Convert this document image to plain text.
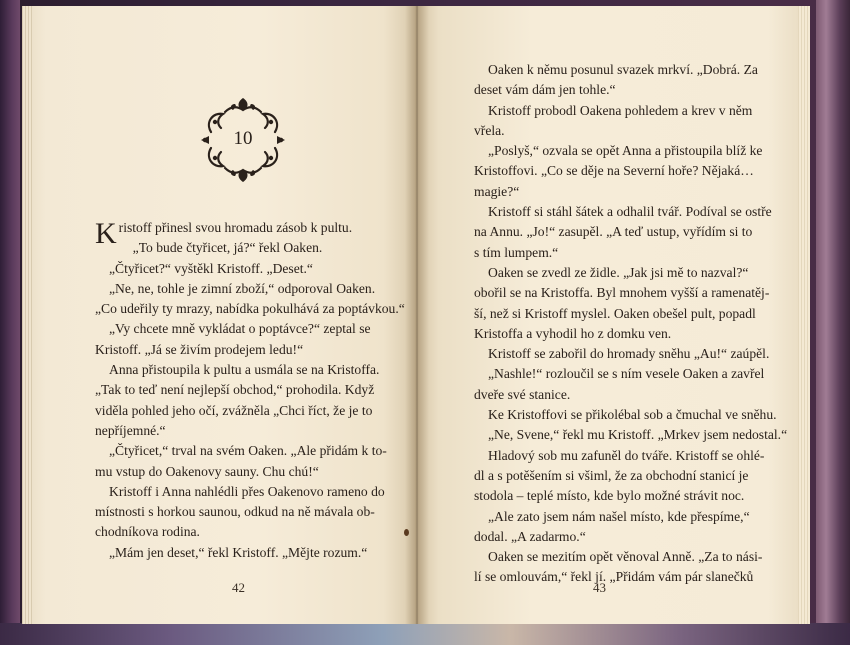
10

Kristoff přinesl svou hromadu zásob k pultu.

„To bude čtyřicet, já?“ řekl Oaken.

„Čtyřicet?“ vyštěkl Kristoff. „Deset.“

„Ne, ne, tohle je zimní zboží,“ odporoval Oaken.

„Co udeřily ty mrazy, nabídka pokulhává za poptávkou.“

„Vy chcete mně vykládat o poptávce?“ zeptal se

Kristoff. „Já se živím prodejem ledu!“

Anna přistoupila k pultu a usmála se na Kristoffa.

„Tak to teď není nejlepší obchod,“ prohodila. Když

viděla pohled jeho očí, zvážněla „Chci říct, že je to

nepříjemné.“

„Čtyřicet,“ trval na svém Oaken. „Ale přidám k to-

mu vstup do Oakenovy sauny. Chu chú!“

Kristoff i Anna nahlédli přes Oakenovo rameno do

místnosti s horkou saunou, odkud na ně mávala ob-

chodníkova rodina.

„Mám jen deset,“ řekl Kristoff. „Mějte rozum.“

42

Oaken k němu posunul svazek mrkví. „Dobrá. Za

deset vám dám jen tohle.“

Kristoff probodl Oakena pohledem a krev v něm

vřela.

„Poslyš,“ ozvala se opět Anna a přistoupila blíž ke

Kristoffovi. „Co se děje na Severní hoře? Nějaká…

magie?“

Kristoff si stáhl šátek a odhalil tvář. Podíval se ostře

na Annu. „Jo!“ zasupěl. „A teď ustup, vyřídím si to

s tím lumpem.“

Oaken se zvedl ze židle. „Jak jsi mě to nazval?“

obořil se na Kristoffa. Byl mnohem vyšší a ramenatěj-

ší, než si Kristoff myslel. Oaken obešel pult, popadl

Kristoffa a vyhodil ho z domku ven.

Kristoff se zabořil do hromady sněhu „Au!“ zaúpěl.

„Nashle!“ rozloučil se s ním vesele Oaken a zavřel

dveře své stanice.

Ke Kristoffovi se přikolébal sob a čmuchal ve sněhu.

„Ne, Svene,“ řekl mu Kristoff. „Mrkev jsem nedostal.“

Hladový sob mu zafuněl do tváře. Kristoff se ohlé-

dl a s potěšením si všiml, že za obchodní stanicí je

stodola – teplé místo, kde bylo možné strávit noc.

„Ale zato jsem nám našel místo, kde přespíme,“

dodal. „A zadarmo.“

Oaken se mezitím opět věnoval Anně. „Za to nási-

lí se omlouvám,“ řekl jí. „Přidám vám pár slanečků

43
